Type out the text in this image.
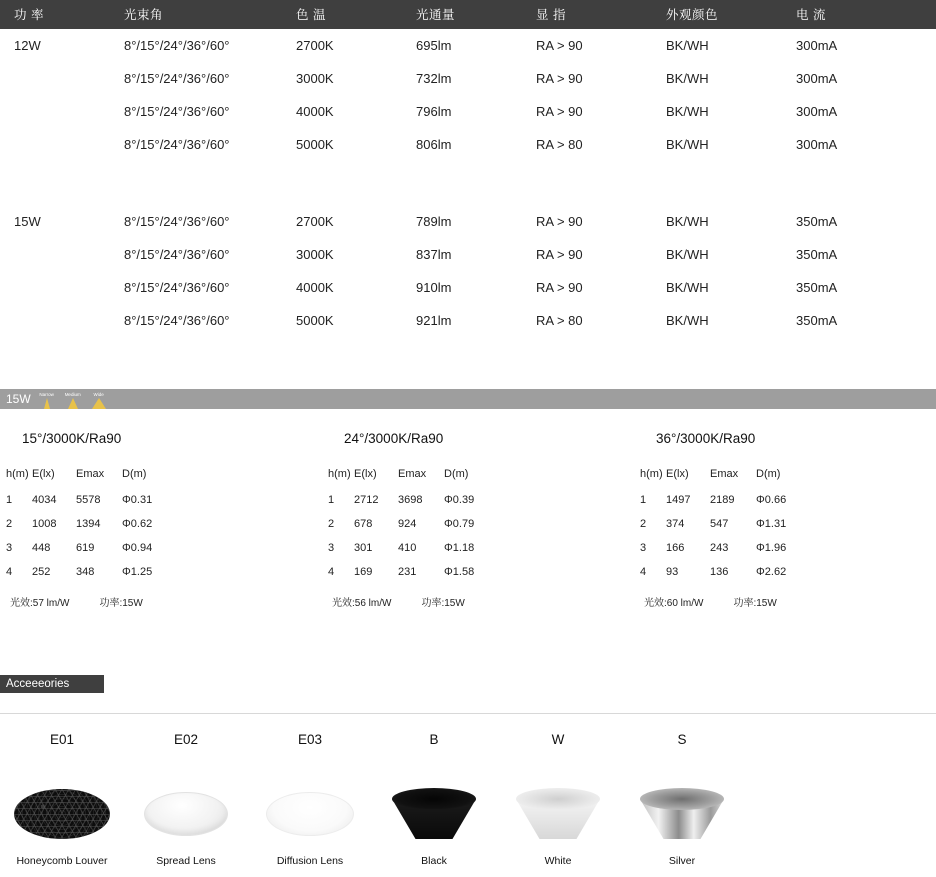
功 率	光束角	色 温	光通量	显 指	外观颜色	电 流
12W	8°/15°/24°/36°/60°	2700K	695lm	RA > 90	BK/WH	300mA
	8°/15°/24°/36°/60°	3000K	732lm	RA > 90	BK/WH	300mA
	8°/15°/24°/36°/60°	4000K	796lm	RA > 90	BK/WH	300mA
	8°/15°/24°/36°/60°	5000K	806lm	RA > 80	BK/WH	300mA

15W	8°/15°/24°/36°/60°	2700K	789lm	RA > 90	BK/WH	350mA
	8°/15°/24°/36°/60°	3000K	837lm	RA > 90	BK/WH	350mA
	8°/15°/24°/36°/60°	4000K	910lm	RA > 90	BK/WH	350mA
	8°/15°/24°/36°/60°	5000K	921lm	RA > 80	BK/WH	350mA
15W	Narrow Medium	Wide
15°/3000K/Ra90
h(m)	E(lx)	Emax	D(m)
1	4034	5578	Φ0.31
2	1008	1394	Φ0.62
3	448	619	Φ0.94
4	252	348	Φ1.25
光效:57 lm/W	功率:15W
24°/3000K/Ra90
h(m)	E(lx)	Emax	D(m)
1	2712	3698	Φ0.39
2	678	924	Φ0.79
3	301	410	Φ1.18
4	169	231	Φ1.58
光效:56 lm/W	功率:15W
36°/3000K/Ra90
h(m)	E(lx)	Emax	D(m)
1	1497	2189	Φ0.66
2	374	547	Φ1.31
3	166	243	Φ1.96
4	93	136	Φ2.62
光效:60 lm/W	功率:15W
Acceeeories
E01
Honeycomb Louver
E02
Spread Lens
E03
Diffusion Lens
B
Black
W
White
S
Silver
